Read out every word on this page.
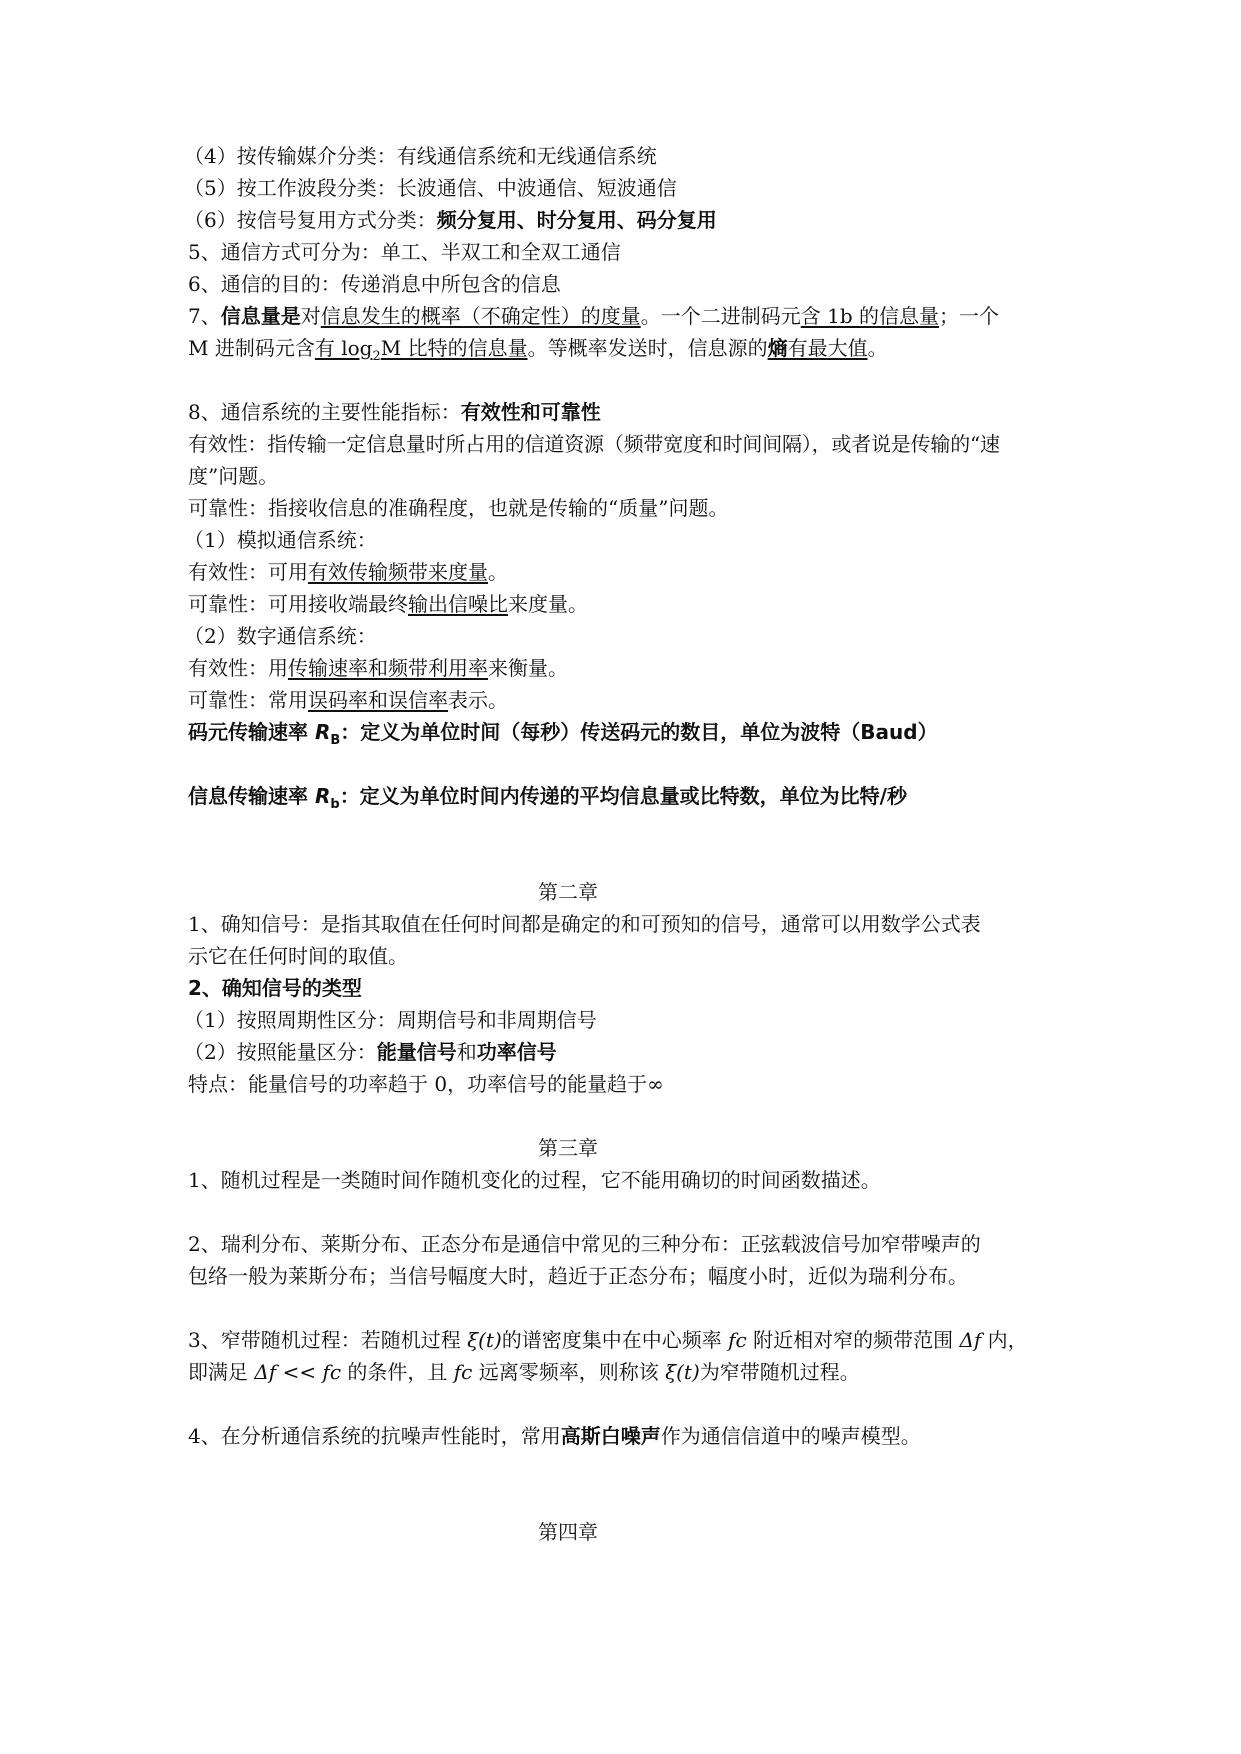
（4）按传输媒介分类：有线通信系统和无线通信系统
（5）按工作波段分类：长波通信、中波通信、短波通信
（6）按信号复用方式分类：频分复用、时分复用、码分复用
5、通信方式可分为：单工、半双工和全双工通信
6、通信的目的：传递消息中所包含的信息
7、信息量是对信息发生的概率（不确定性）的度量。一个二进制码元含 1b 的信息量；一个
M 进制码元含有 $\log_2M$ 比特的信息量。等概率发送时，信息源的熵有最大值。
8、通信系统的主要性能指标：有效性和可靠性
有效性：指传输一定信息量时所占用的信道资源（频带宽度和时间间隔），或者说是传输的“速
度”问题。
可靠性：指接收信息的准确程度，也就是传输的“质量”问题。
（1）模拟通信系统：
有效性：可用有效传输频带来度量。
可靠性：可用接收端最终输出信噪比来度量。
（2）数字通信系统：
有效性：用传输速率和频带利用率来衡量。
可靠性：常用误码率和误信率表示。
码元传输速率 $R_B$：定义为单位时间（每秒）传送码元的数目，单位为波特（Baud）
信息传输速率 $R_b$：定义为单位时间内传递的平均信息量或比特数，单位为比特/秒
第二章
1、确知信号：是指其取值在任何时间都是确定的和可预知的信号，通常可以用数学公式表
示它在任何时间的取值。
2、确知信号的类型
（1）按照周期性区分：周期信号和非周期信号
（2）按照能量区分：能量信号和功率信号
特点：能量信号的功率趋于 0，功率信号的能量趋于∞
第三章
1、随机过程是一类随时间作随机变化的过程，它不能用确切的时间函数描述。
2、瑞利分布、莱斯分布、正态分布是通信中常见的三种分布：正弦载波信号加窄带噪声的
包络一般为莱斯分布；当信号幅度大时，趋近于正态分布；幅度小时，近似为瑞利分布。
3、窄带随机过程：若随机过程 ξ(t)的谱密度集中在中心频率 fc 附近相对窄的频带范围 Δf 内，
即满足 Δf << fc 的条件，且 fc 远离零频率，则称该 ξ(t)为窄带随机过程。
4、在分析通信系统的抗噪声性能时，常用高斯白噪声作为通信信道中的噪声模型。
第四章
